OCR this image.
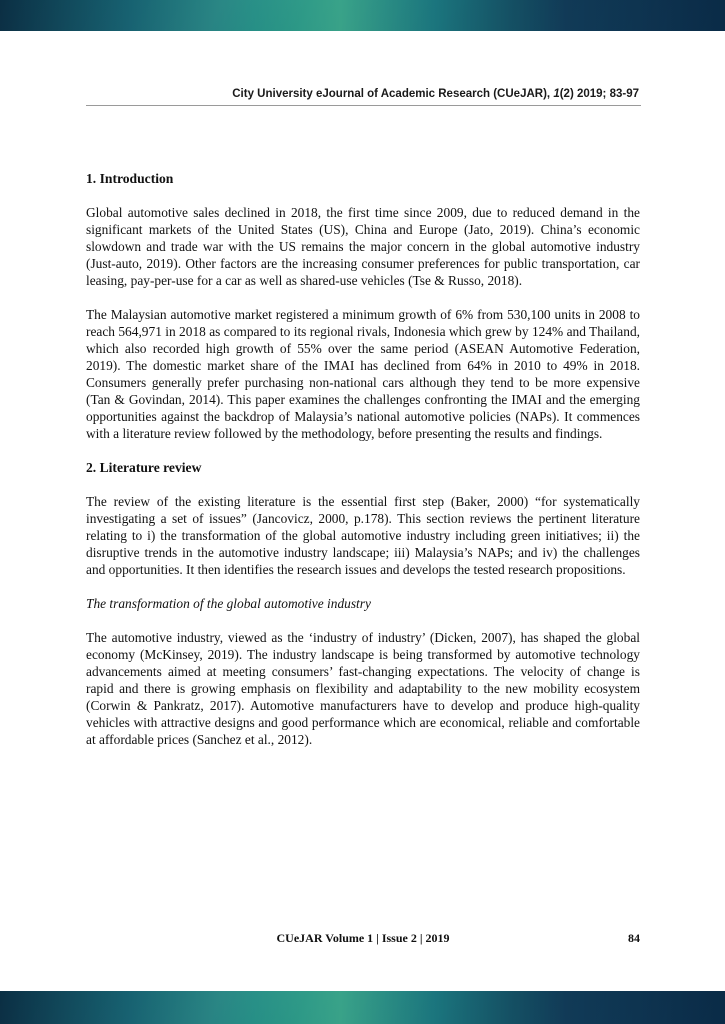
City University eJournal of Academic Research (CUeJAR), 1(2) 2019; 83-97
1. Introduction

Global automotive sales declined in 2018, the first time since 2009, due to reduced demand in the significant markets of the United States (US), China and Europe (Jato, 2019). China’s economic slowdown and trade war with the US remains the major concern in the global automotive industry (Just-auto, 2019). Other factors are the increasing consumer preferences for public transportation, car leasing, pay-per-use for a car as well as shared-use vehicles (Tse & Russo, 2018).

The Malaysian automotive market registered a minimum growth of 6% from 530,100 units in 2008 to reach 564,971 in 2018 as compared to its regional rivals, Indonesia which grew by 124% and Thailand, which also recorded high growth of 55% over the same period (ASEAN Automotive Federation, 2019). The domestic market share of the IMAI has declined from 64% in 2010 to 49% in 2018. Consumers generally prefer purchasing non-national cars although they tend to be more expensive (Tan & Govindan, 2014). This paper examines the challenges confronting the IMAI and the emerging opportunities against the backdrop of Malaysia’s national automotive policies (NAPs). It commences with a literature review followed by the methodology, before presenting the results and findings.

2. Literature review

The review of the existing literature is the essential first step (Baker, 2000) “for systematically investigating a set of issues” (Jancovicz, 2000, p.178). This section reviews the pertinent literature relating to i) the transformation of the global automotive industry including green initiatives; ii) the disruptive trends in the automotive industry landscape; iii) Malaysia’s NAPs; and iv) the challenges and opportunities. It then identifies the research issues and develops the tested research propositions.

The transformation of the global automotive industry

The automotive industry, viewed as the ‘industry of industry’ (Dicken, 2007), has shaped the global economy (McKinsey, 2019). The industry landscape is being transformed by automotive technology advancements aimed at meeting consumers’ fast-changing expectations. The velocity of change is rapid and there is growing emphasis on flexibility and adaptability to the new mobility ecosystem (Corwin & Pankratz, 2017). Automotive manufacturers have to develop and produce high-quality vehicles with attractive designs and good performance which are economical, reliable and comfortable at affordable prices (Sanchez et al., 2012).

CUeJAR Volume 1 | Issue 2 | 2019	84
